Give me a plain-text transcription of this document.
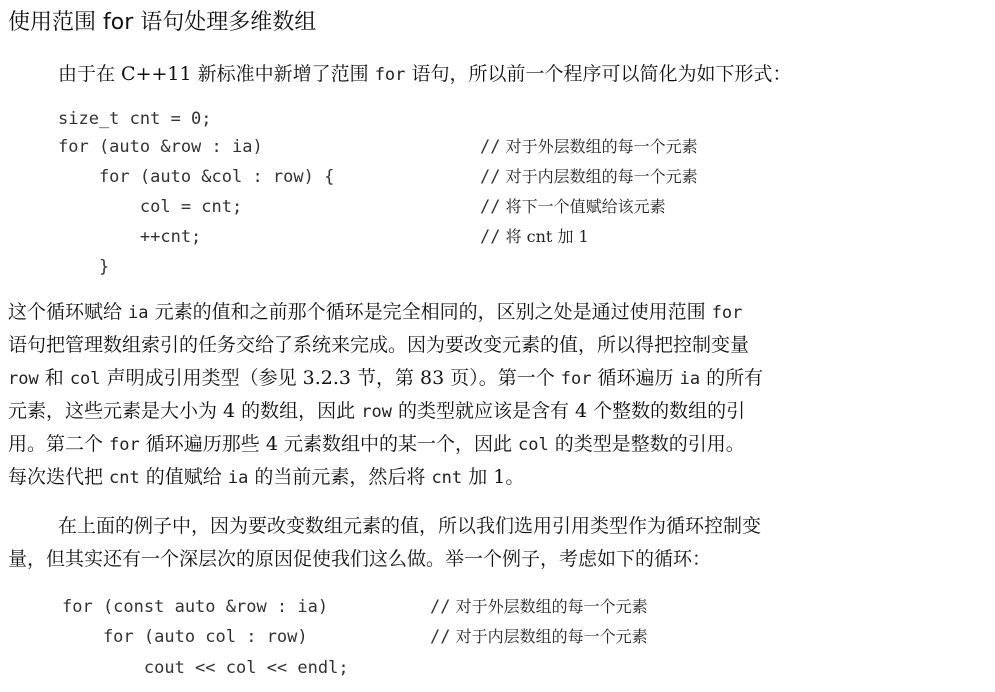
使用范围 for 语句处理多维数组
由于在 C++11 新标准中新增了范围 for 语句，所以前一个程序可以简化为如下形式：
size_t cnt = 0;
for (auto &row : ia)	// 对于外层数组的每一个元素
for (auto &col : row) {	// 对于内层数组的每一个元素
col = cnt;	// 将下一个值赋给该元素
++cnt;	// 将 cnt 加 1
}
这个循环赋给 ia 元素的值和之前那个循环是完全相同的，区别之处是通过使用范围 for
语句把管理数组索引的任务交给了系统来完成。因为要改变元素的值，所以得把控制变量
row 和 col 声明成引用类型（参见 3.2.3 节，第 83 页）。第一个 for 循环遍历 ia 的所有
元素，这些元素是大小为 4 的数组，因此 row 的类型就应该是含有 4 个整数的数组的引
用。第二个 for 循环遍历那些 4 元素数组中的某一个，因此 col 的类型是整数的引用。
每次迭代把 cnt 的值赋给 ia 的当前元素，然后将 cnt 加 1。
在上面的例子中，因为要改变数组元素的值，所以我们选用引用类型作为循环控制变
量，但其实还有一个深层次的原因促使我们这么做。举一个例子，考虑如下的循环：
for (const auto &row : ia)	// 对于外层数组的每一个元素
for (auto col : row)	// 对于内层数组的每一个元素
cout << col << endl;
